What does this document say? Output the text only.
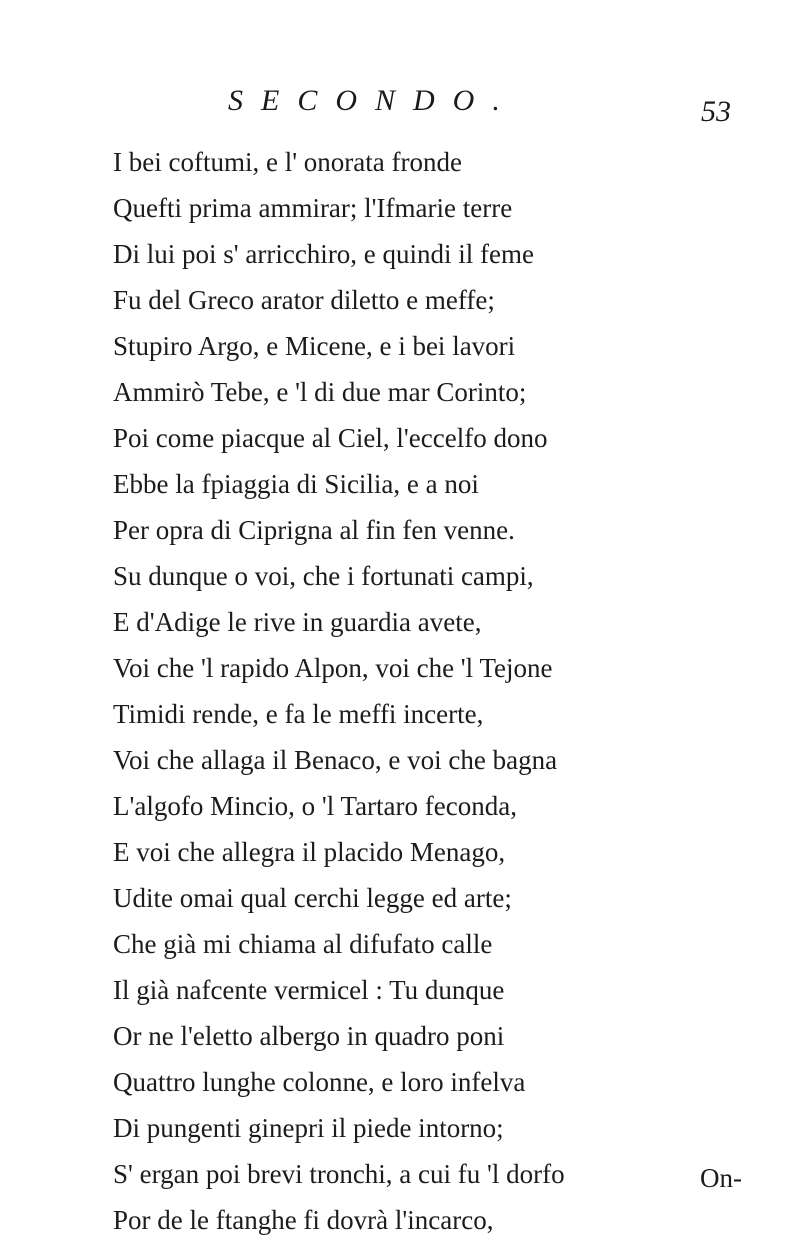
SECONDO.	53
I bei coftumi, e l' onorata fronde
Quefti prima ammirar; l'Ifmarie terre
Di lui poi s' arricchiro, e quindi il feme
Fu del Greco arator diletto e meffe;
Stupiro Argo, e Micene, e i bei lavori
Ammirò Tebe, e 'l di due mar Corinto;
Poi come piacque al Ciel, l'eccelfo dono
Ebbe la fpiaggia di Sicilia, e a noi
Per opra di Ciprigna al fin fen venne.
Su dunque o voi, che i fortunati campi,
E d'Adige le rive in guardia avete,
Voi che 'l rapido Alpon, voi che 'l Tejone
Timidi rende, e fa le meffi incerte,
Voi che allaga il Benaco, e voi che bagna
L'algofo Mincio, o 'l Tartaro feconda,
E voi che allegra il placido Menago,
Udite omai qual cerchi legge ed arte;
Che già mi chiama al difufato calle
Il già nafcente vermicel : Tu dunque
Or ne l'eletto albergo in quadro poni
Quattro lunghe colonne, e loro infelva
Di pungenti ginepri il piede intorno;
S' ergan poi brevi tronchi, a cui fu 'l dorfo
Por de le ftanghe fi dovrà l'incarco,
On-
